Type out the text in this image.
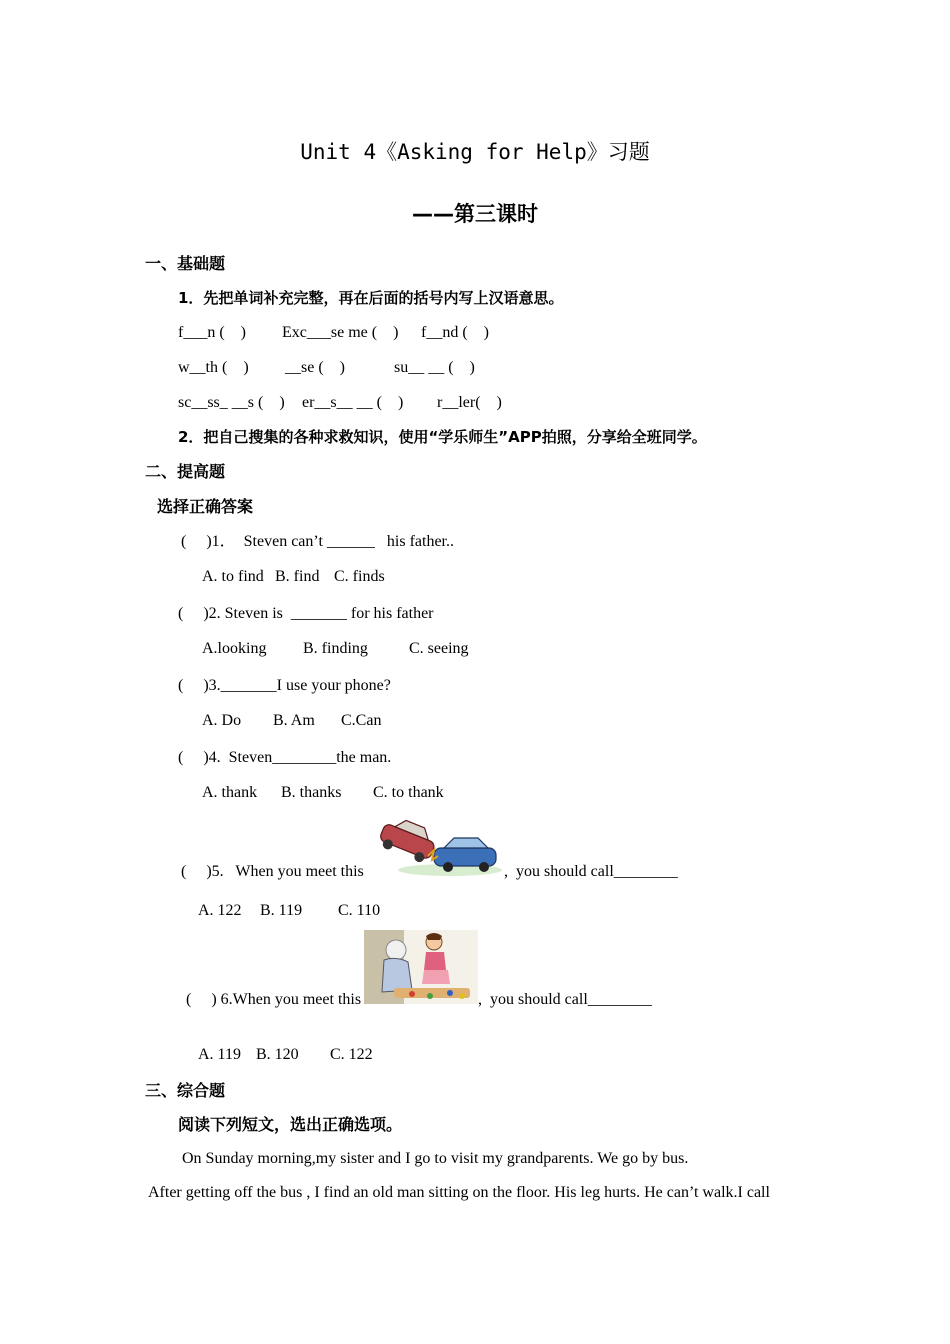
Unit 4《Asking for Help》习题
——第三课时
一、基础题
1．先把单词补充完整，再在后面的括号内写上汉语意思。
f___n (    ) Exc___se me (    ) f__nd (    )
w__th (    ) __se (    )	su__ __ (    )
sc__ss_ __s (    ) er__s__ __ (    ) r__ler(    )
2．把自己搜集的各种求救知识，使用“学乐师生”APP拍照，分享给全班同学。
二、提高题
选择正确答案
(     )1．  Steven can’t ______   his father..
A. to find B. find C. finds
(     )2. Steven is  _______ for his father
A.looking B. finding	C. seeing
(     )3._______I use your phone?
A. Do B. Am C.Can
(     )4.  Steven________the man.
A. thank B. thanks C. to thank
(     )5.   When you meet this	,  you should call________
A. 122 B. 119 C. 110
(     ) 6.When you meet this	,  you should call________
A. 119 B. 120 C. 122
三、综合题
阅读下列短文，选出正确选项。
On Sunday morning,my sister and I go to visit my grandparents. We go by bus.
After getting off the bus , I find an old man sitting on the floor. His leg hurts. He can’t walk.I call
